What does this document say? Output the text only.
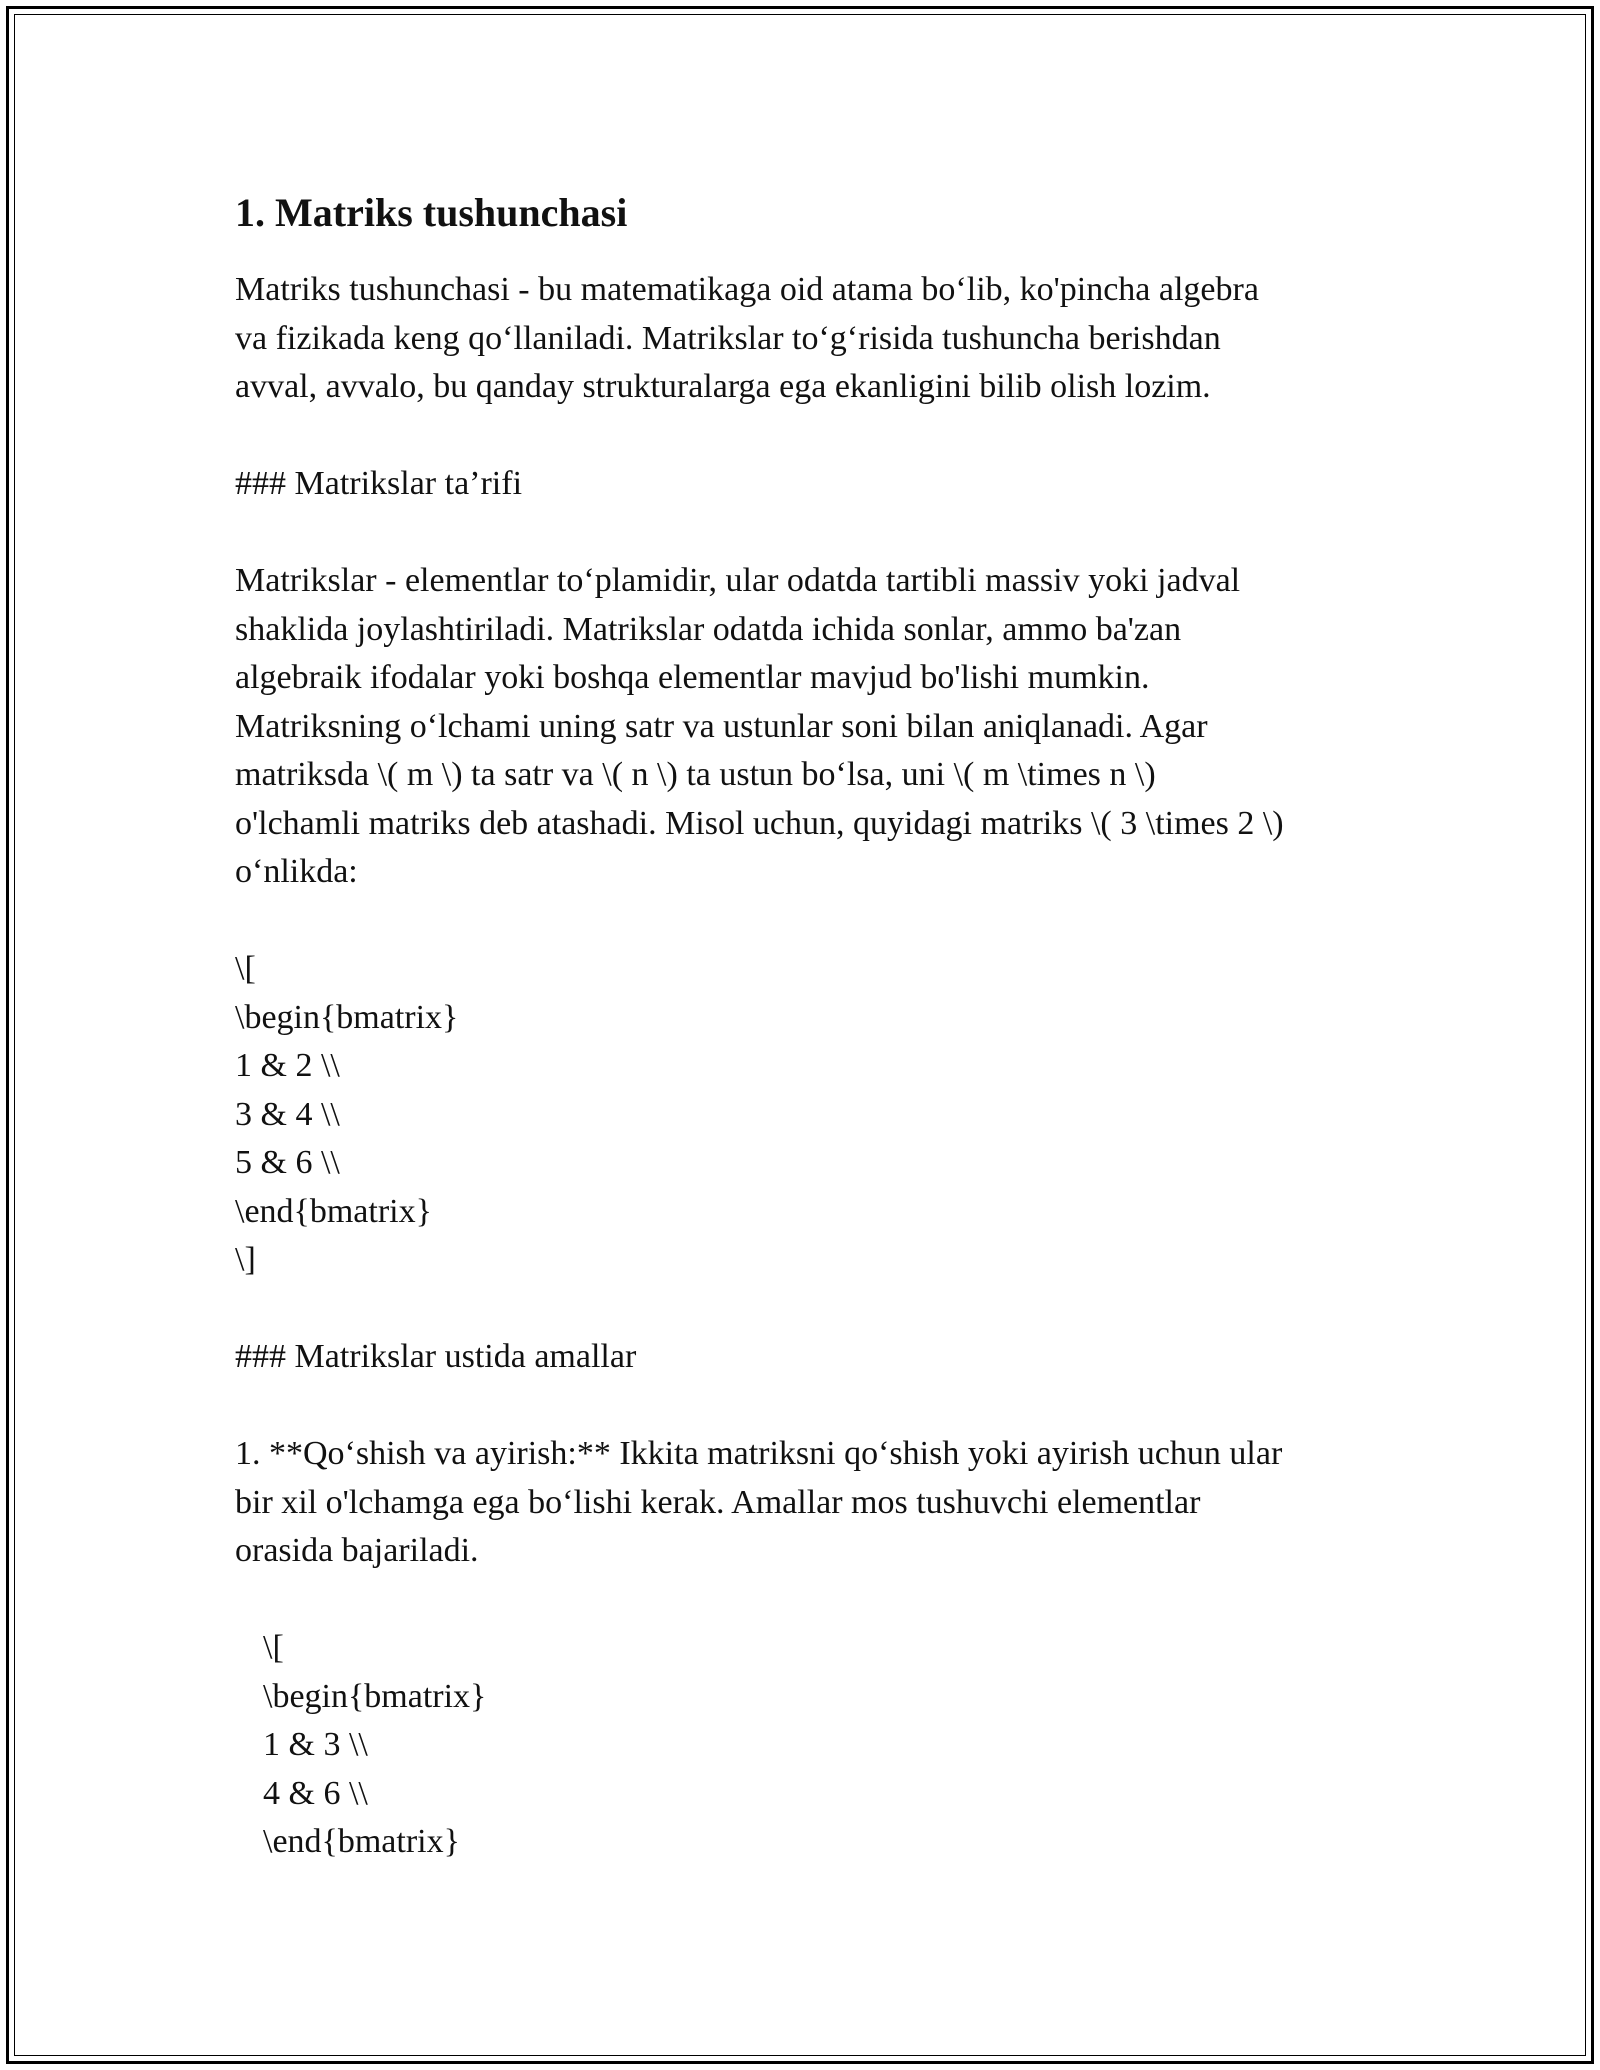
1. Matriks tushunchasi
Matriks tushunchasi - bu matematikaga oid atama bo‘lib, ko'pincha algebra
va fizikada keng qo‘llaniladi. Matrikslar to‘g‘risida tushuncha berishdan
avval, avvalo, bu qanday strukturalarga ega ekanligini bilib olish lozim.
### Matrikslar ta’rifi
Matrikslar - elementlar to‘plamidir, ular odatda tartibli massiv yoki jadval
shaklida joylashtiriladi. Matrikslar odatda ichida sonlar, ammo ba'zan
algebraik ifodalar yoki boshqa elementlar mavjud bo'lishi mumkin.
Matriksning o‘lchami uning satr va ustunlar soni bilan aniqlanadi. Agar
matriksda \( m \) ta satr va \( n \) ta ustun bo‘lsa, uni \( m \times n \)
o'lchamli matriks deb atashadi. Misol uchun, quyidagi matriks \( 3 \times 2 \)
o‘nlikda:
\[
\begin{bmatrix}
1 & 2 \\
3 & 4 \\
5 & 6 \\
\end{bmatrix}
\]
### Matrikslar ustida amallar
1. **Qo‘shish va ayirish:** Ikkita matriksni qo‘shish yoki ayirish uchun ular
bir xil o'lchamga ega bo‘lishi kerak. Amallar mos tushuvchi elementlar
orasida bajariladi.
\[
\begin{bmatrix}
1 & 3 \\
4 & 6 \\
\end{bmatrix}
